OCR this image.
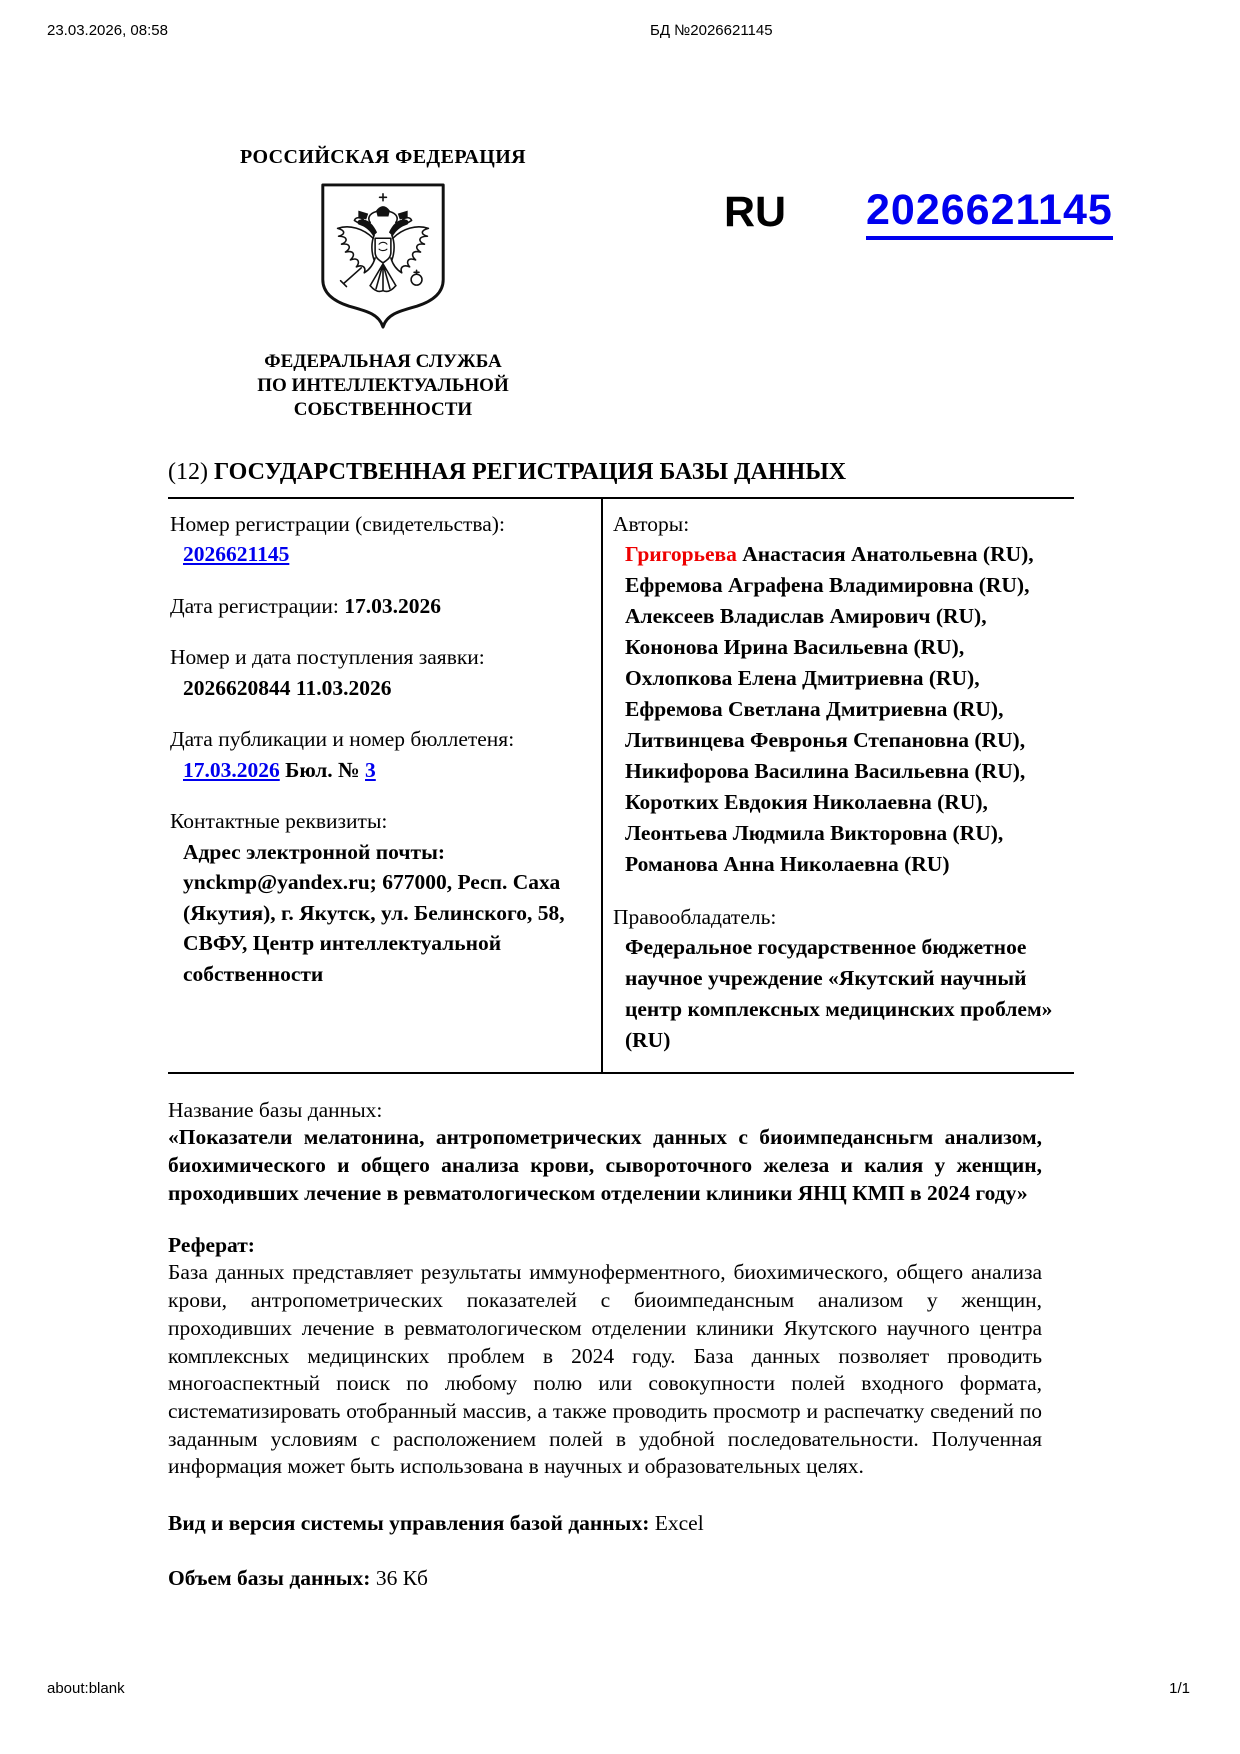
23.03.2026, 08:58	БД №2026621145
РОССИЙСКАЯ ФЕДЕРАЦИЯ
ФЕДЕРАЛЬНАЯ СЛУЖБА
ПО ИНТЕЛЛЕКТУАЛЬНОЙ СОБСТВЕННОСТИ
RU 2026621145
(12) ГОСУДАРСТВЕННАЯ РЕГИСТРАЦИЯ БАЗЫ ДАННЫХ
Номер регистрации (свидетельства):
2026621145
Дата регистрации: 17.03.2026
Номер и дата поступления заявки:
2026620844 11.03.2026
Дата публикации и номер бюллетеня:
17.03.2026 Бюл. № 3
Контактные реквизиты:
Адрес электронной почты: ynckmp@yandex.ru; 677000, Респ. Саха (Якутия), г. Якутск, ул. Белинского, 58, СВФУ, Центр интеллектуальной собственности

Авторы:
Григорьева Анастасия Анатольевна (RU),
Ефремова Аграфена Владимировна (RU),
Алексеев Владислав Амирович (RU),
Кононова Ирина Васильевна (RU),
Охлопкова Елена Дмитриевна (RU),
Ефремова Светлана Дмитриевна (RU),
Литвинцева Февронья Степановна (RU),
Никифорова Василина Васильевна (RU),
Коротких Евдокия Николаевна (RU),
Леонтьева Людмила Викторовна (RU),
Романова Анна Николаевна (RU)
Правообладатель:
Федеральное государственное бюджетное научное учреждение «Якутский научный центр комплексных медицинских проблем» (RU)
Название базы данных:

«Показатели мелатонина, антропометрических данных с биоимпедансньгм анализом, биохимического и общего анализа крови, сывороточного железа и калия у женщин, проходивших лечение в ревматологическом отделении клиники ЯНЦ КМП в 2024 году»

Реферат:

База данных представляет результаты иммуноферментного, биохимического, общего анализа крови, антропометрических показателей с биоимпедансным анализом у женщин, проходивших лечение в ревматологическом отделении клиники Якутского научного центра комплексных медицинских проблем в 2024 году. База данных позволяет проводить многоаспектный поиск по любому полю или совокупности полей входного формата, систематизировать отобранный массив, а также проводить просмотр и распечатку сведений по заданным условиям с расположением полей в удобной последовательности. Полученная информация может быть использована в научных и образовательных целях.

Вид и версия системы управления базой данных: Excel

Объем базы данных: 36 Кб

about:blank	1/1
